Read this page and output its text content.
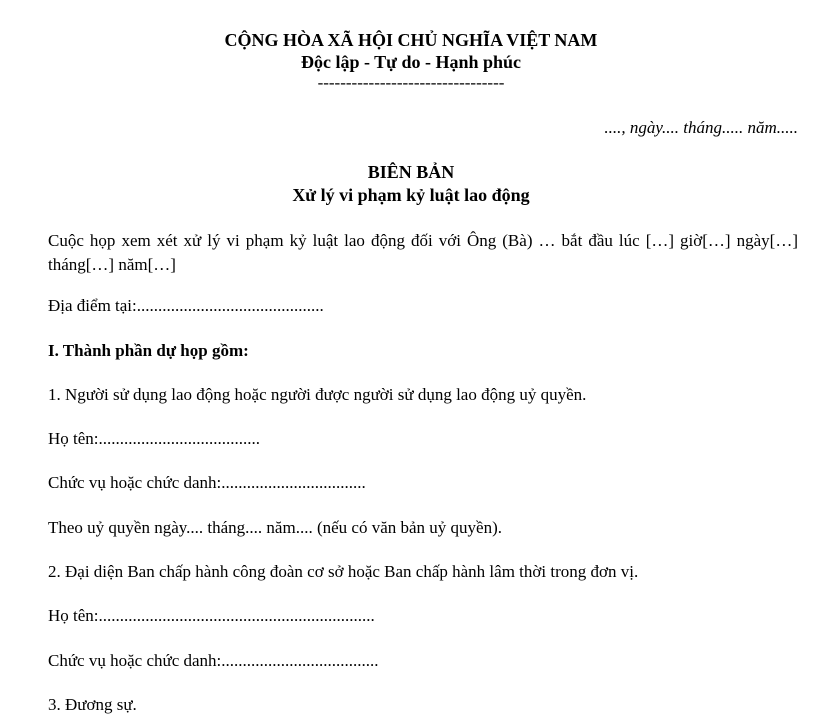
CỘNG HÒA XÃ HỘI CHỦ NGHĨA VIỆT NAM
Độc lập - Tự do - Hạnh phúc
---------------------------------
...., ngày.... tháng..... năm.....
BIÊN BẢN
Xử lý vi phạm kỷ luật lao động
Cuộc họp xem xét xử lý vi phạm kỷ luật lao động đối với Ông (Bà) … bắt đầu lúc […] giờ[…] ngày[…] tháng[…] năm[…]
Địa điểm tại:............................................
I. Thành phần dự họp gồm:
1. Người sử dụng lao động hoặc người được người sử dụng lao động uỷ quyền.
Họ tên:......................................
Chức vụ hoặc chức danh:..................................
Theo uỷ quyền ngày.... tháng.... năm.... (nếu có văn bản uỷ quyền).
2. Đại diện Ban chấp hành công đoàn cơ sở hoặc Ban chấp hành lâm thời trong đơn vị.
Họ tên:.................................................................
Chức vụ hoặc chức danh:.....................................
3. Đương sự.
